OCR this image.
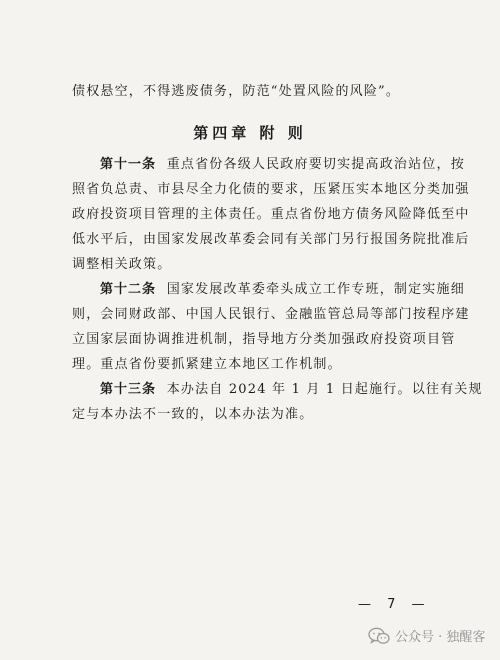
债权悬空，不得逃废债务，防范“处置风险的风险”。
第四章 附 则
第十一条 重点省份各级人民政府要切实提高政治站位，按
照省负总责、市县尽全力化债的要求，压紧压实本地区分类加强
政府投资项目管理的主体责任。重点省份地方债务风险降低至中
低水平后，由国家发展改革委会同有关部门另行报国务院批准后
调整相关政策。
第十二条 国家发展改革委牵头成立工作专班，制定实施细
则，会同财政部、中国人民银行、金融监管总局等部门按程序建
立国家层面协调推进机制，指导地方分类加强政府投资项目管
理。重点省份要抓紧建立本地区工作机制。
第十三条 本办法自 2024 年 1 月 1 日起施行。以往有关规
定与本办法不一致的，以本办法为准。
— 7 —
公众号 · 独醒客
